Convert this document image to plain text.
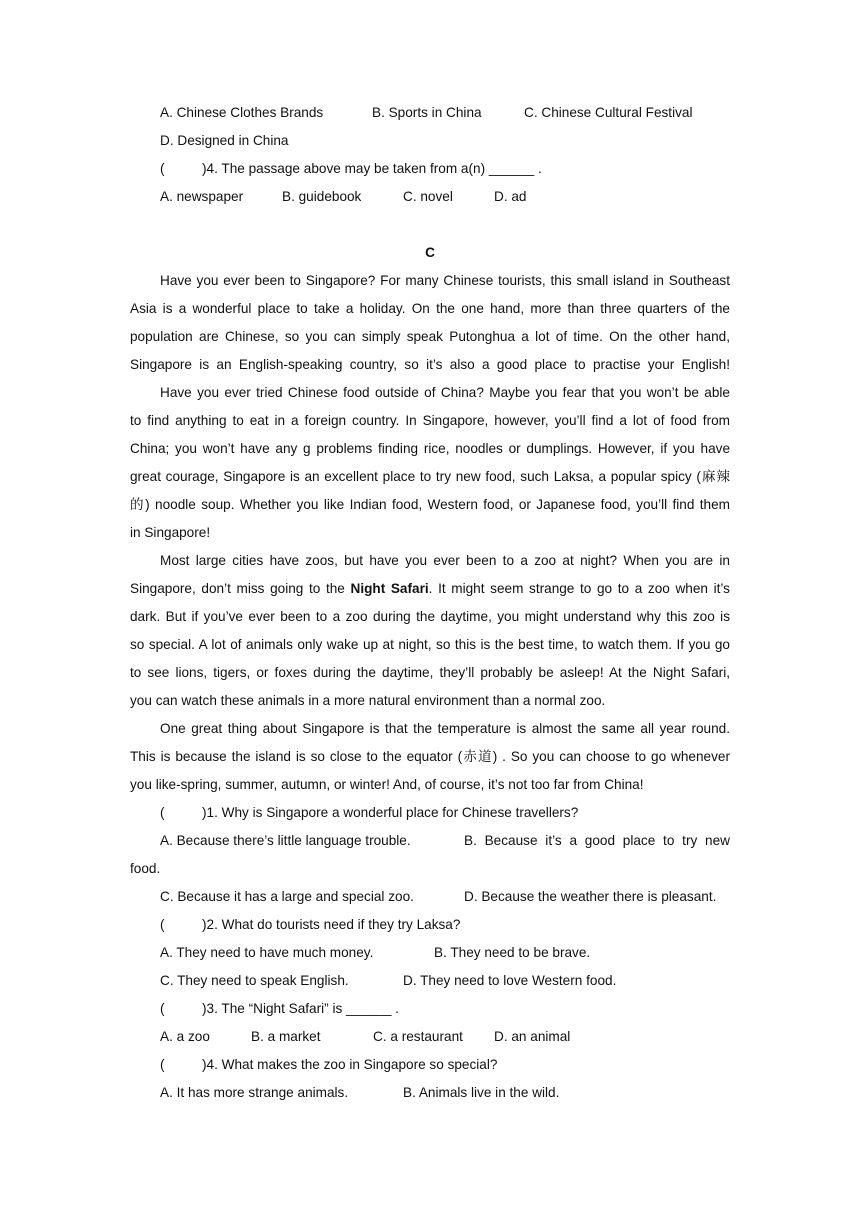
A. Chinese Clothes Brands	B. Sports in China	C. Chinese Cultural Festival
D. Designed in China
(	)4. The passage above may be taken from a(n) ______ .
A. newspaper	B. guidebook	C. novel	D. ad
C
Have you ever been to Singapore? For many Chinese tourists, this small island in Southeast
Asia is a wonderful place to take a holiday. On the one hand, more than three quarters of the
population are Chinese, so you can simply speak Putonghua a lot of time. On the other hand,
Singapore is an English-speaking country, so it’s also a good place to practise your English!
Have you ever tried Chinese food outside of China? Maybe you fear that you won’t be able
to find anything to eat in a foreign country. In Singapore, however, you’ll find a lot of food from
China; you won’t have any g problems finding rice, noodles or dumplings. However, if you have
great courage, Singapore is an excellent place to try new food, such Laksa, a popular spicy (麻辣
的) noodle soup. Whether you like Indian food, Western food, or Japanese food, you’ll find them
in Singapore!
Most large cities have zoos, but have you ever been to a zoo at night? When you are in
Singapore, don’t miss going to the Night Safari. It might seem strange to go to a zoo when it’s
dark. But if you’ve ever been to a zoo during the daytime, you might understand why this zoo is
so special. A lot of animals only wake up at night, so this is the best time, to watch them. If you go
to see lions, tigers, or foxes during the daytime, they’ll probably be asleep! At the Night Safari,
you can watch these animals in a more natural environment than a normal zoo.
One great thing about Singapore is that the temperature is almost the same all year round.
This is because the island is so close to the equator (赤道) . So you can choose to go whenever
you like-spring, summer, autumn, or winter! And, of course, it’s not too far from China!
(	)1. Why is Singapore a wonderful place for Chinese travellers?
A. Because there’s little language trouble.	B. Because it’s a good place to try new
food.
C. Because it has a large and special zoo.	D. Because the weather there is pleasant.
(	)2. What do tourists need if they try Laksa?
A. They need to have much money.	B. They need to be brave.
C. They need to speak English.	D. They need to love Western food.
(	)3. The “Night Safari” is ______ .
A. a zoo	B. a market	C. a restaurant D. an animal
(	)4. What makes the zoo in Singapore so special?
A. It has more strange animals.	B. Animals live in the wild.
